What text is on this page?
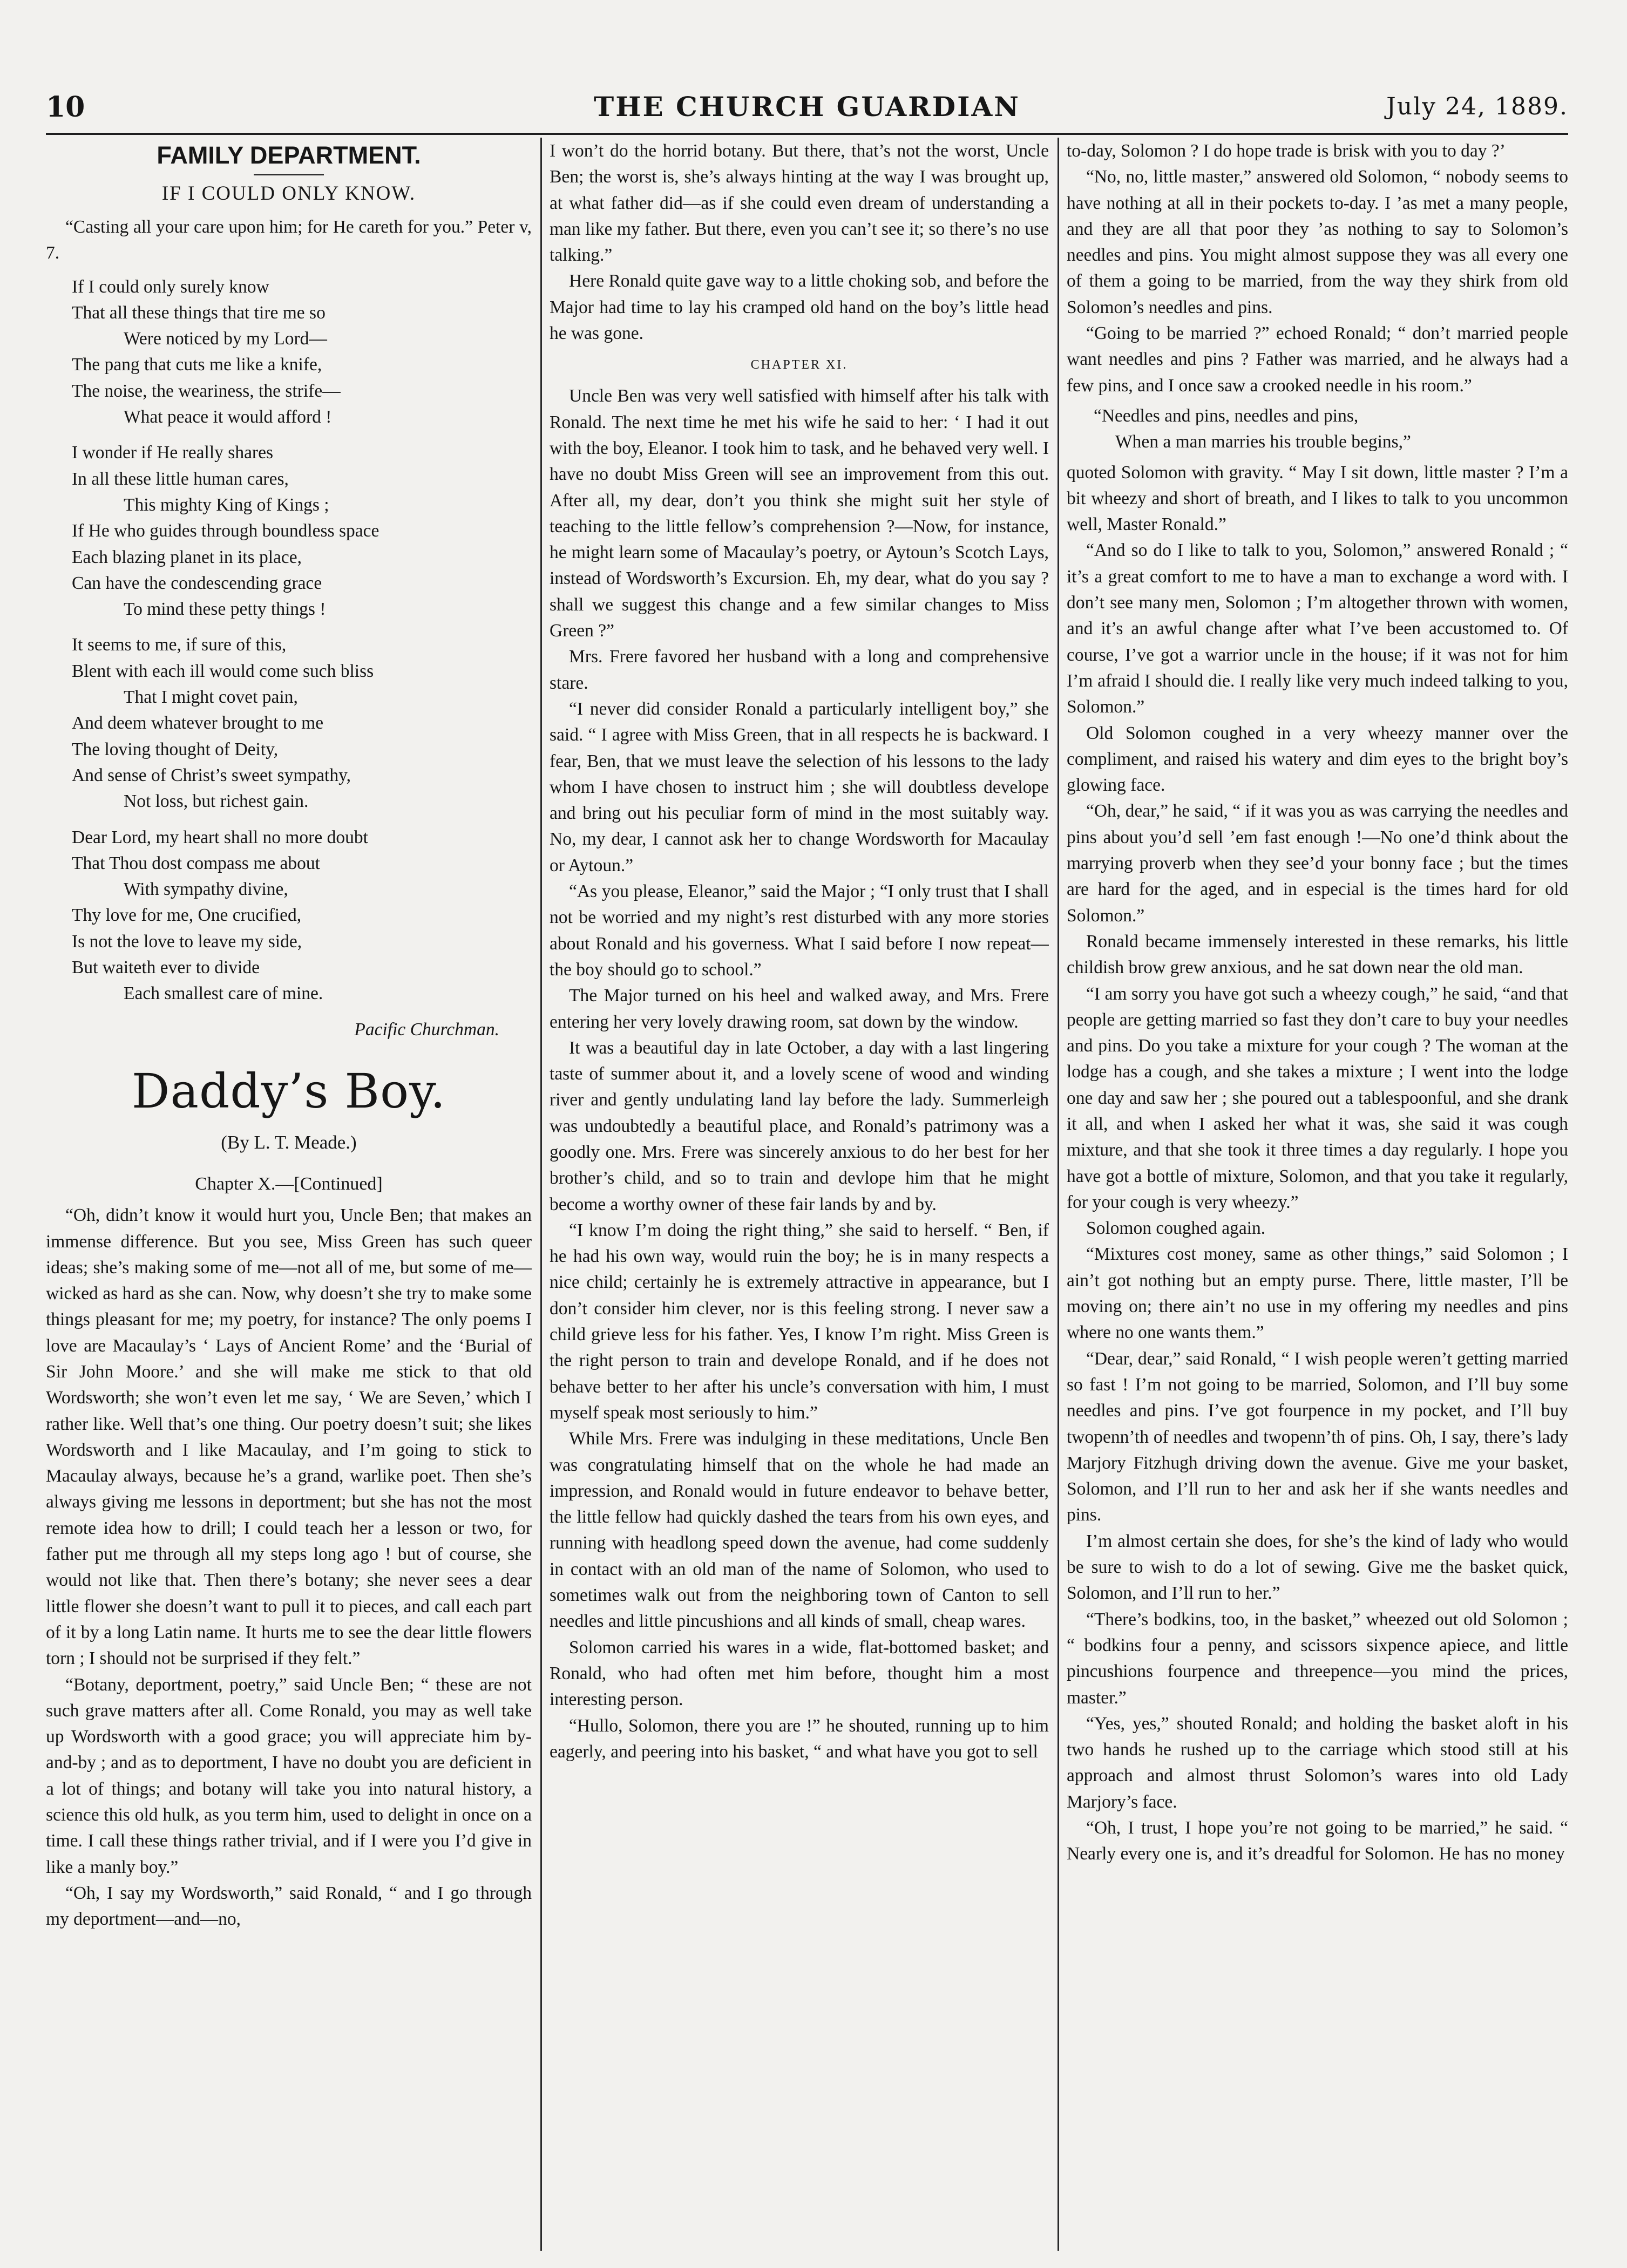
THE CHURCH GUARDIAN
10	July 24, 1889.
FAMILY DEPARTMENT.
IF I COULD ONLY KNOW.

“Casting all your care upon him; for He careth for you.” Peter v, 7.

If I could only surely know
That all these things that tire me so
Were noticed by my Lord—
The pang that cuts me like a knife,
The noise, the weariness, the strife—
What peace it would afford !
I wonder if He really shares
In all these little human cares,
This mighty King of Kings ;
If He who guides through boundless space
Each blazing planet in its place,
Can have the condescending grace
To mind these petty things !
It seems to me, if sure of this,
Blent with each ill would come such bliss
That I might covet pain,
And deem whatever brought to me
The loving thought of Deity,
And sense of Christ’s sweet sympathy,
Not loss, but richest gain.
Dear Lord, my heart shall no more doubt
That Thou dost compass me about
With sympathy divine,
Thy love for me, One crucified,
Is not the love to leave my side,
But waiteth ever to divide
Each smallest care of mine.
Pacific Churchman.
Daddy’s Boy.
(By L. T. Meade.)
Chapter X.—[Continued]

“Oh, didn’t know it would hurt you, Uncle Ben; that makes an immense difference. But you see, Miss Green has such queer ideas; she’s making some of me—not all of me, but some of me— wicked as hard as she can. Now, why doesn’t she try to make some things pleasant for me; my poetry, for instance? The only poems I love are Macaulay’s ‘ Lays of Ancient Rome’ and the ‘Burial of Sir John Moore.’ and she will make me stick to that old Wordsworth; she won’t even let me say, ‘ We are Seven,’ which I rather like. Well that’s one thing. Our poetry doesn’t suit; she likes Wordsworth and I like Macaulay, and I’m going to stick to Macaulay always, because he’s a grand, warlike poet. Then she’s always giving me lessons in deportment; but she has not the most remote idea how to drill; I could teach her a lesson or two, for father put me through all my steps long ago ! but of course, she would not like that. Then there’s botany; she never sees a dear little flower she doesn’t want to pull it to pieces, and call each part of it by a long Latin name. It hurts me to see the dear little flowers torn ; I should not be surprised if they felt.”

“Botany, deportment, poetry,” said Uncle Ben; “ these are not such grave matters after all. Come Ronald, you may as well take up Wordsworth with a good grace; you will appreciate him by-and-by ; and as to deportment, I have no doubt you are deficient in a lot of things; and botany will take you into natural history, a science this old hulk, as you term him, used to delight in once on a time. I call these things rather trivial, and if I were you I’d give in like a manly boy.”

“Oh, I say my Wordsworth,” said Ronald, “ and I go through my deportment—and—no,

I won’t do the horrid botany. But there, that’s not the worst, Uncle Ben; the worst is, she’s always hinting at the way I was brought up, at what father did—as if she could even dream of understanding a man like my father. But there, even you can’t see it; so there’s no use talking.”

Here Ronald quite gave way to a little choking sob, and before the Major had time to lay his cramped old hand on the boy’s little head he was gone.

CHAPTER XI.

Uncle Ben was very well satisfied with himself after his talk with Ronald. The next time he met his wife he said to her: ‘ I had it out with the boy, Eleanor. I took him to task, and he behaved very well. I have no doubt Miss Green will see an improvement from this out. After all, my dear, don’t you think she might suit her style of teaching to the little fellow’s comprehension ?—Now, for instance, he might learn some of Macaulay’s poetry, or Aytoun’s Scotch Lays, instead of Wordsworth’s Excursion. Eh, my dear, what do you say ? shall we suggest this change and a few similar changes to Miss Green ?”

Mrs. Frere favored her husband with a long and comprehensive stare.

“I never did consider Ronald a particularly intelligent boy,” she said. “ I agree with Miss Green, that in all respects he is backward. I fear, Ben, that we must leave the selection of his lessons to the lady whom I have chosen to instruct him ; she will doubtless develope and bring out his peculiar form of mind in the most suitably way. No, my dear, I cannot ask her to change Wordsworth for Macaulay or Aytoun.”

“As you please, Eleanor,” said the Major ; “I only trust that I shall not be worried and my night’s rest disturbed with any more stories about Ronald and his governess. What I said before I now repeat—the boy should go to school.”

The Major turned on his heel and walked away, and Mrs. Frere entering her very lovely drawing room, sat down by the window.

It was a beautiful day in late October, a day with a last lingering taste of summer about it, and a lovely scene of wood and winding river and gently undulating land lay before the lady. Summerleigh was undoubtedly a beautiful place, and Ronald’s patrimony was a goodly one. Mrs. Frere was sincerely anxious to do her best for her brother’s child, and so to train and devlope him that he might become a worthy owner of these fair lands by and by.

“I know I’m doing the right thing,” she said to herself. “ Ben, if he had his own way, would ruin the boy; he is in many respects a nice child; certainly he is extremely attractive in appearance, but I don’t consider him clever, nor is this feeling strong. I never saw a child grieve less for his father. Yes, I know I’m right. Miss Green is the right person to train and develope Ronald, and if he does not behave better to her after his uncle’s conversation with him, I must myself speak most seriously to him.”

While Mrs. Frere was indulging in these meditations, Uncle Ben was congratulating himself that on the whole he had made an impression, and Ronald would in future endeavor to behave better, the little fellow had quickly dashed the tears from his own eyes, and running with headlong speed down the avenue, had come suddenly in contact with an old man of the name of Solomon, who used to sometimes walk out from the neighboring town of Canton to sell needles and little pincushions and all kinds of small, cheap wares.

Solomon carried his wares in a wide, flat-bottomed basket; and Ronald, who had often met him before, thought him a most interesting person.

“Hullo, Solomon, there you are !” he shouted, running up to him eagerly, and peering into his basket, “ and what have you got to sell

to-day, Solomon ? I do hope trade is brisk with you to day ?’

“No, no, little master,” answered old Solomon, “ nobody seems to have nothing at all in their pockets to-day. I ’as met a many people, and they are all that poor they ’as nothing to say to Solomon’s needles and pins. You might almost suppose they was all every one of them a going to be married, from the way they shirk from old Solomon’s needles and pins.

“Going to be married ?” echoed Ronald; “ don’t married people want needles and pins ? Father was married, and he always had a few pins, and I once saw a crooked needle in his room.”

“Needles and pins, needles and pins,
When a man marries his trouble begins,”

quoted Solomon with gravity. “ May I sit down, little master ? I’m a bit wheezy and short of breath, and I likes to talk to you uncommon well, Master Ronald.”

“And so do I like to talk to you, Solomon,” answered Ronald ; “ it’s a great comfort to me to have a man to exchange a word with. I don’t see many men, Solomon ; I’m altogether thrown with women, and it’s an awful change after what I’ve been accustomed to. Of course, I’ve got a warrior uncle in the house; if it was not for him I’m afraid I should die. I really like very much indeed talking to you, Solomon.”

Old Solomon coughed in a very wheezy manner over the compliment, and raised his watery and dim eyes to the bright boy’s glowing face.

“Oh, dear,” he said, “ if it was you as was carrying the needles and pins about you’d sell ’em fast enough !—No one’d think about the marrying proverb when they see’d your bonny face ; but the times are hard for the aged, and in especial is the times hard for old Solomon.”

Ronald became immensely interested in these remarks, his little childish brow grew anxious, and he sat down near the old man.

“I am sorry you have got such a wheezy cough,” he said, “and that people are getting married so fast they don’t care to buy your needles and pins. Do you take a mixture for your cough ? The woman at the lodge has a cough, and she takes a mixture ; I went into the lodge one day and saw her ; she poured out a tablespoonful, and she drank it all, and when I asked her what it was, she said it was cough mixture, and that she took it three times a day regularly. I hope you have got a bottle of mixture, Solomon, and that you take it regularly, for your cough is very wheezy.”

Solomon coughed again.

“Mixtures cost money, same as other things,” said Solomon ; I ain’t got nothing but an empty purse. There, little master, I’ll be moving on; there ain’t no use in my offering my needles and pins where no one wants them.”

“Dear, dear,” said Ronald, “ I wish people weren’t getting married so fast ! I’m not going to be married, Solomon, and I’ll buy some needles and pins. I’ve got fourpence in my pocket, and I’ll buy twopenn’th of needles and twopenn’th of pins. Oh, I say, there’s lady Marjory Fitzhugh driving down the avenue. Give me your basket, Solomon, and I’ll run to her and ask her if she wants needles and pins.

I’m almost certain she does, for she’s the kind of lady who would be sure to wish to do a lot of sewing. Give me the basket quick, Solomon, and I’ll run to her.”

“There’s bodkins, too, in the basket,” wheezed out old Solomon ; “ bodkins four a penny, and scissors sixpence apiece, and little pincushions fourpence and threepence—you mind the prices, master.”

“Yes, yes,” shouted Ronald; and holding the basket aloft in his two hands he rushed up to the carriage which stood still at his approach and almost thrust Solomon’s wares into old Lady Marjory’s face.

“Oh, I trust, I hope you’re not going to be married,” he said. “ Nearly every one is, and it’s dreadful for Solomon. He has no money
